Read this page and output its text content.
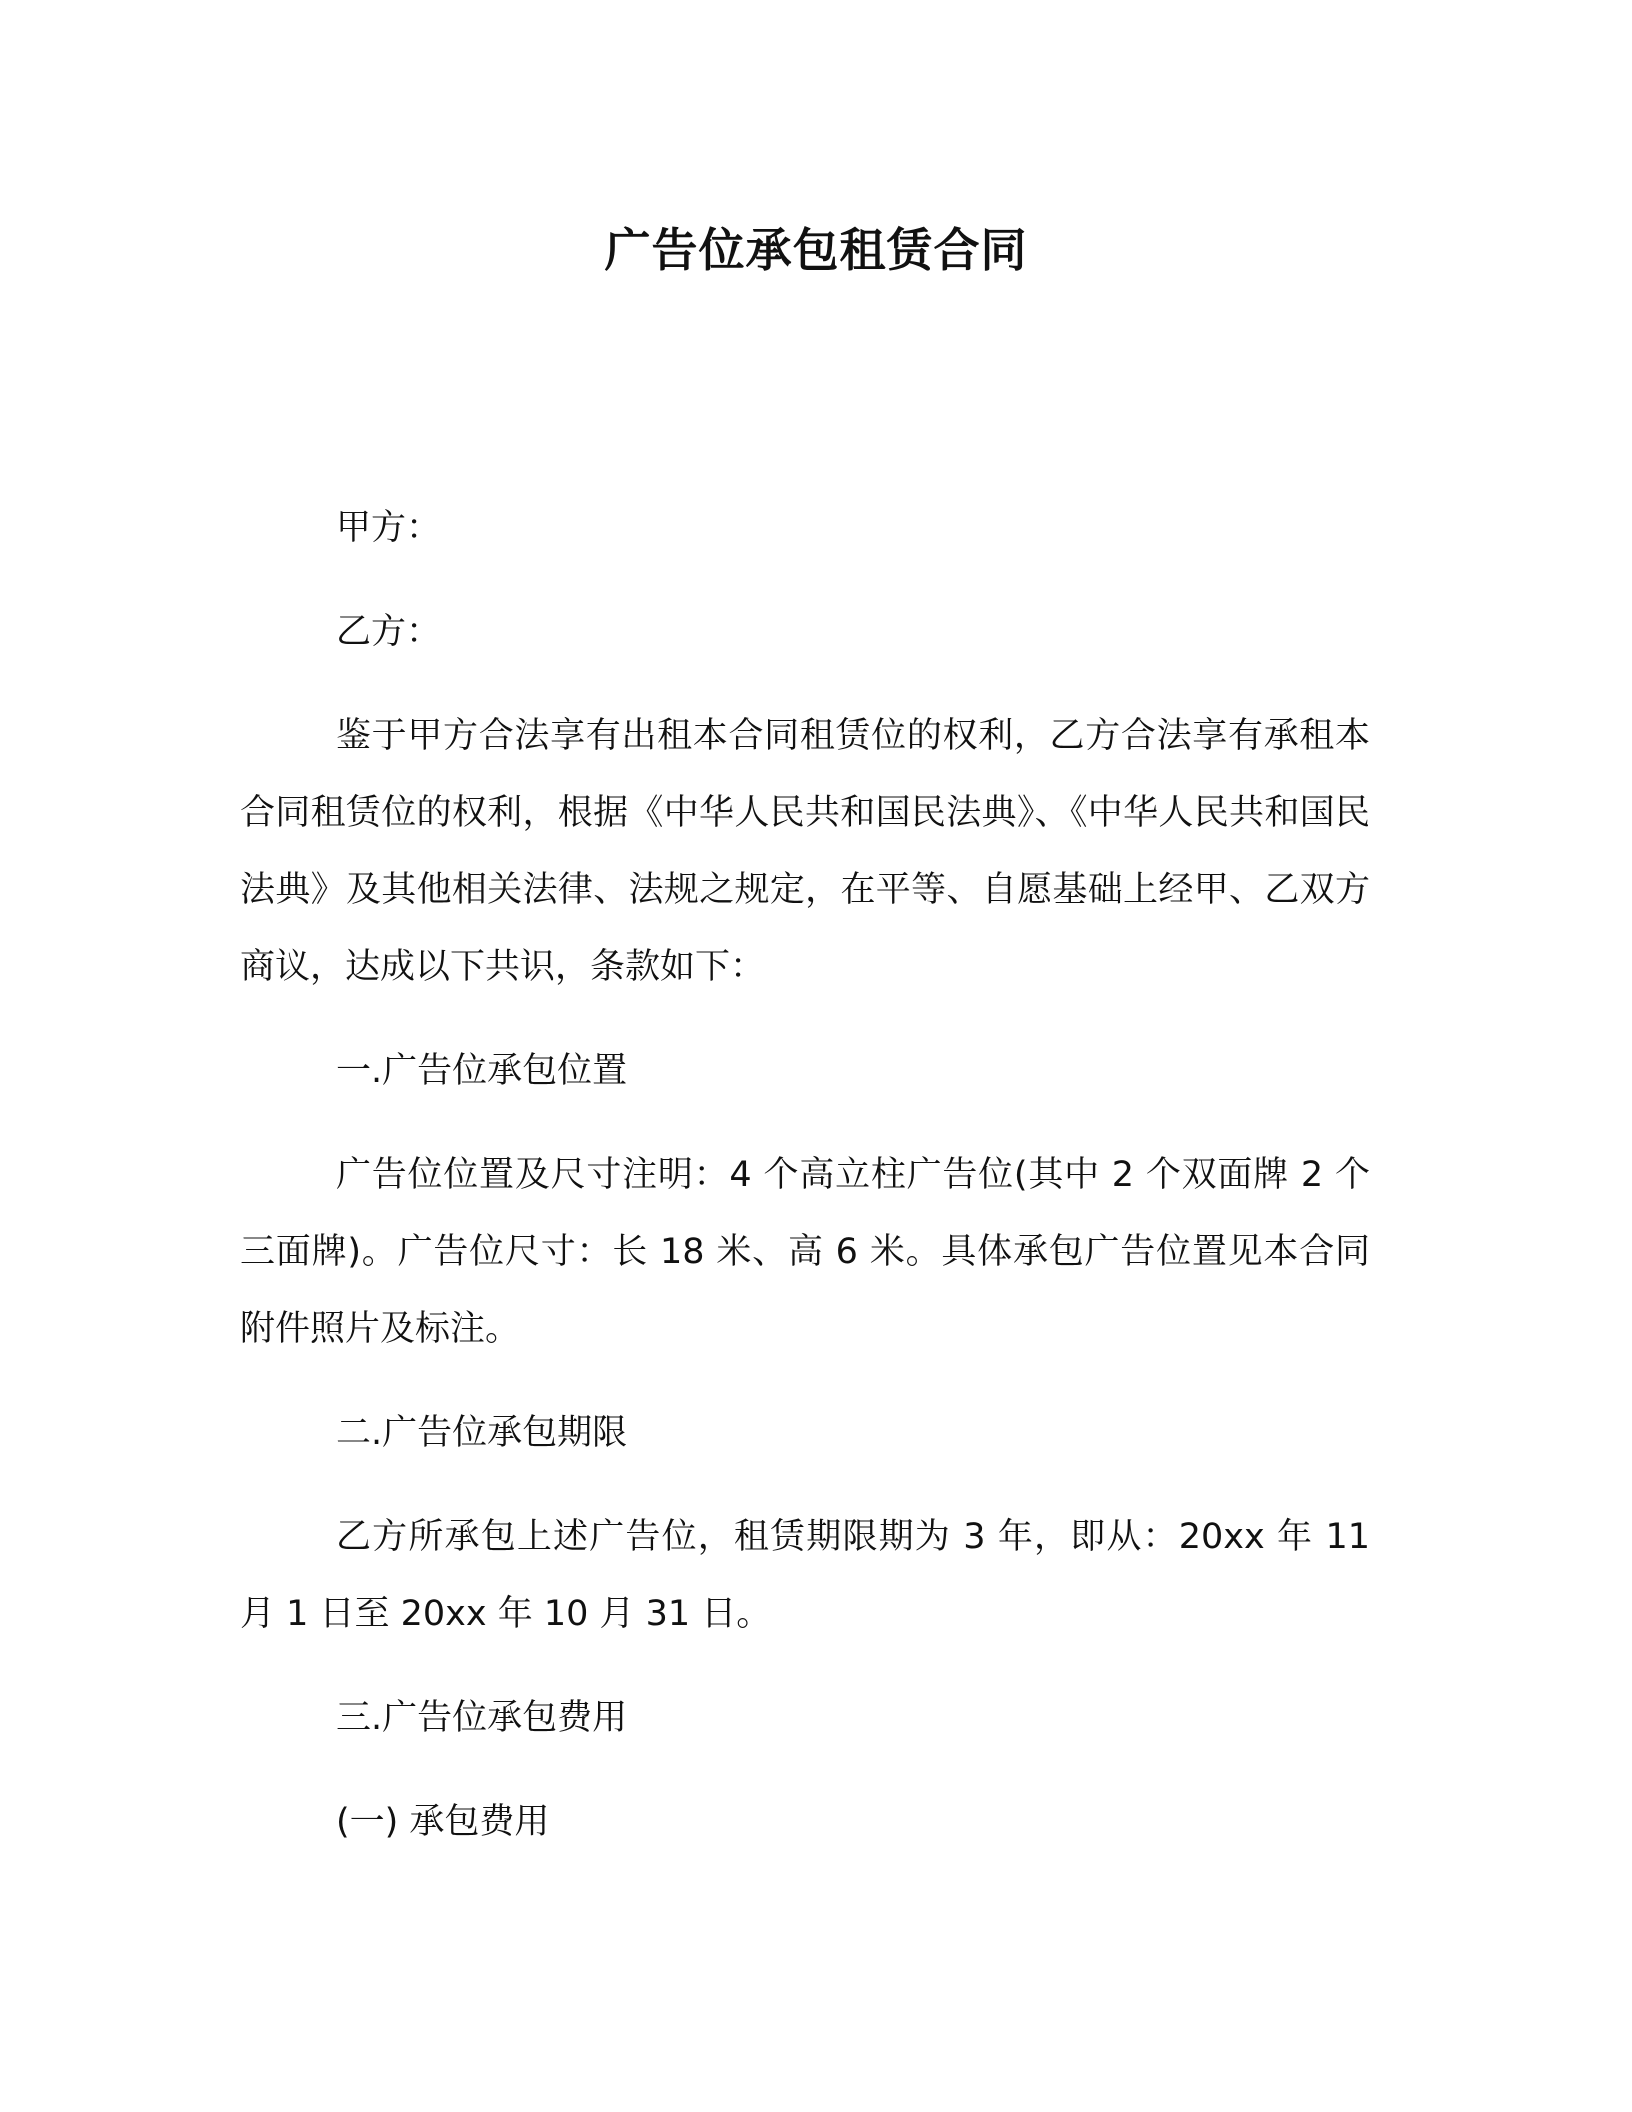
广告位承包租赁合同
甲方：
乙方：

鉴于甲方合法享有出租本合同租赁位的权利，乙方合法享有承租本合同租赁位的权利，根据《中华人民共和国民法典》、《中华人民共和国民法典》及其他相关法律、法规之规定，在平等、自愿基础上经甲、乙双方商议，达成以下共识，条款如下：

一.广告位承包位置

广告位位置及尺寸注明：4 个高立柱广告位(其中 2 个双面牌 2 个三面牌)。广告位尺寸：长 18 米、高 6 米。具体承包广告位置见本合同附件照片及标注。

二.广告位承包期限

乙方所承包上述广告位，租赁期限期为 3 年，即从：20xx 年 11 月 1 日至 20xx 年 10 月 31 日。

三.广告位承包费用
(一) 承包费用
